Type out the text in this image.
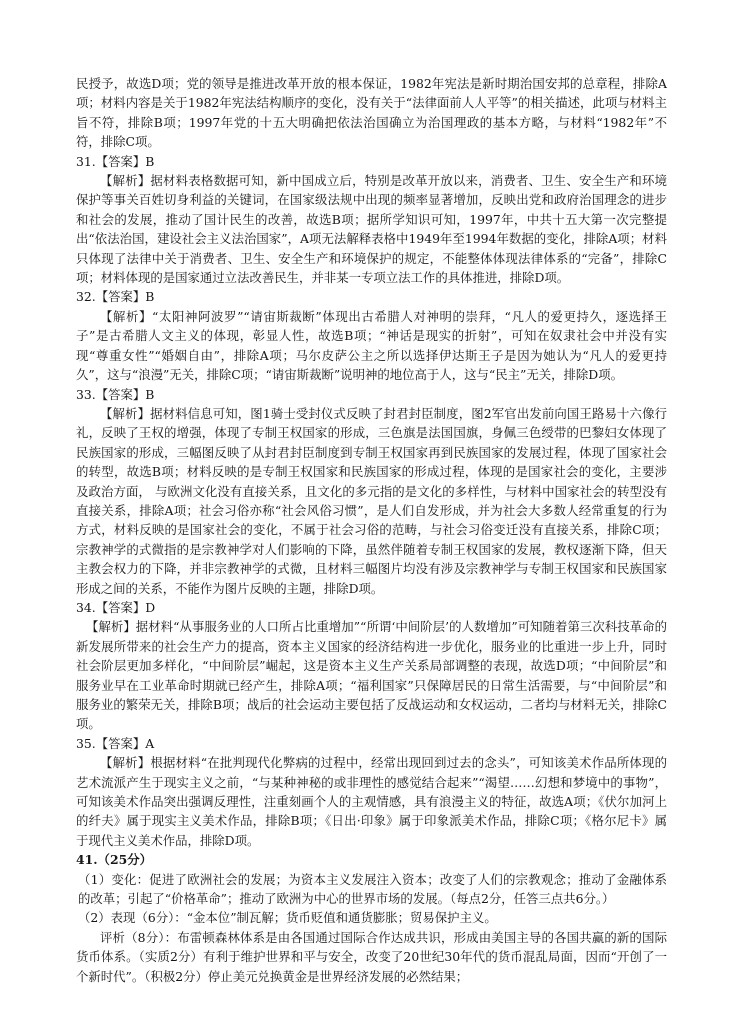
民授予，故选D项；党的领导是推进改革开放的根本保证，1982年宪法是新时期治国安邦的总章程，排除A项；材料内容是关于1982年宪法结构顺序的变化，没有关于“法律面前人人平等”的相关描述，此项与材料主旨不符，排除B项；1997年党的十五大明确把依法治国确立为治国理政的基本方略，与材料“1982年”不符，排除C项。

31.【答案】B

【解析】据材料表格数据可知，新中国成立后，特别是改革开放以来，消费者、卫生、安全生产和环境保护等事关百姓切身利益的关键词，在国家级法规中出现的频率显著增加，反映出党和政府治国理念的进步和社会的发展，推动了国计民生的改善，故选B项；据所学知识可知，1997年，中共十五大第一次完整提出“依法治国，建设社会主义法治国家”，A项无法解释表格中1949年至1994年数据的变化，排除A项；材料只体现了法律中关于消费者、卫生、安全生产和环境保护的规定，不能整体体现法律体系的“完备”，排除C项；材料体现的是国家通过立法改善民生，并非某一专项立法工作的具体推进，排除D项。

32.【答案】B

【解析】“太阳神阿波罗”“请宙斯裁断”体现出古希腊人对神明的崇拜，“凡人的爱更持久，逐选择王子”是古希腊人文主义的体现，彰显人性，故选B项；“神话是现实的折射”，可知在奴隶社会中并没有实现“尊重女性”“婚姻自由”，排除A项；马尔皮萨公主之所以选择伊达斯王子是因为她认为“凡人的爱更持久”，这与“浪漫”无关，排除C项；“请宙斯裁断”说明神的地位高于人，这与“民主”无关，排除D项。

33.【答案】B

【解析】据材料信息可知，图1骑士受封仪式反映了封君封臣制度，图2军官出发前向国王路易十六像行礼，反映了王权的增强，体现了专制王权国家的形成，三色旗是法国国旗，身佩三色绶带的巴黎妇女体现了民族国家的形成，三幅图反映了从封君封臣制度到专制王权国家再到民族国家的发展过程，体现了国家社会的转型，故选B项；材料反映的是专制王权国家和民族国家的形成过程，体现的是国家社会的变化，主要涉及政治方面， 与欧洲文化没有直接关系，且文化的多元指的是文化的多样性，与材料中国家社会的转型没有直接关系，排除A项；社会习俗亦称“社会风俗习惯”，是人们自发形成，并为社会大多数人经常重复的行为方式，材料反映的是国家社会的变化，不属于社会习俗的范畴，与社会习俗变迁没有直接关系，排除C项；宗教神学的式微指的是宗教神学对人们影响的下降，虽然伴随着专制王权国家的发展，教权逐渐下降，但天主教会权力的下降，并非宗教神学的式微，且材料三幅图片均没有涉及宗教神学与专制王权国家和民族国家形成之间的关系，不能作为图片反映的主题，排除D项。

34.【答案】D

【解析】据材料“从事服务业的人口所占比重增加”“所谓‘中间阶层’的人数增加”可知随着第三次科技革命的新发展所带来的社会生产力的提高，资本主义国家的经济结构进一步优化，服务业的比重进一步上升，同时社会阶层更加多样化，“中间阶层”崛起，这是资本主义生产关系局部调整的表现，故选D项；“中间阶层”和服务业早在工业革命时期就已经产生，排除A项；“福利国家”只保障居民的日常生活需要，与“中间阶层”和服务业的繁荣无关，排除B项；战后的社会运动主要包括了反战运动和女权运动，二者均与材料无关，排除C项。

35.【答案】A

【解析】根据材料“在批判现代化弊病的过程中，经常出现回到过去的念头”，可知该美术作品所体现的艺术流派产生于现实主义之前，“与某种神秘的或非理性的感觉结合起来”“渴望……幻想和梦境中的事物”，可知该美术作品突出强调反理性，注重刻画个人的主观情感，具有浪漫主义的特征，故选A项；《伏尔加河上的纤夫》属于现实主义美术作品，排除B项；《日出·印象》属于印象派美术作品，排除C项；《格尔尼卡》属于现代主义美术作品，排除D项。

41.（25分）

（1）变化：促进了欧洲社会的发展；为资本主义发展注入资本；改变了人们的宗教观念；推动了金融体系的改革；引起了“价格革命”；推动了欧洲为中心的世界市场的发展。（每点2分，任答三点共6分。）

（2）表现（6分）：“金本位”制瓦解；货币贬值和通货膨胀；贸易保护主义。

评析（8分）：布雷顿森林体系是由各国通过国际合作达成共识，形成由美国主导的各国共赢的新的国际货币体系。（实质2分）有利于维护世界和平与安全，改变了20世纪30年代的货币混乱局面，因而“开创了一个新时代”。（积极2分）停止美元兑换黄金是世界经济发展的必然结果；
